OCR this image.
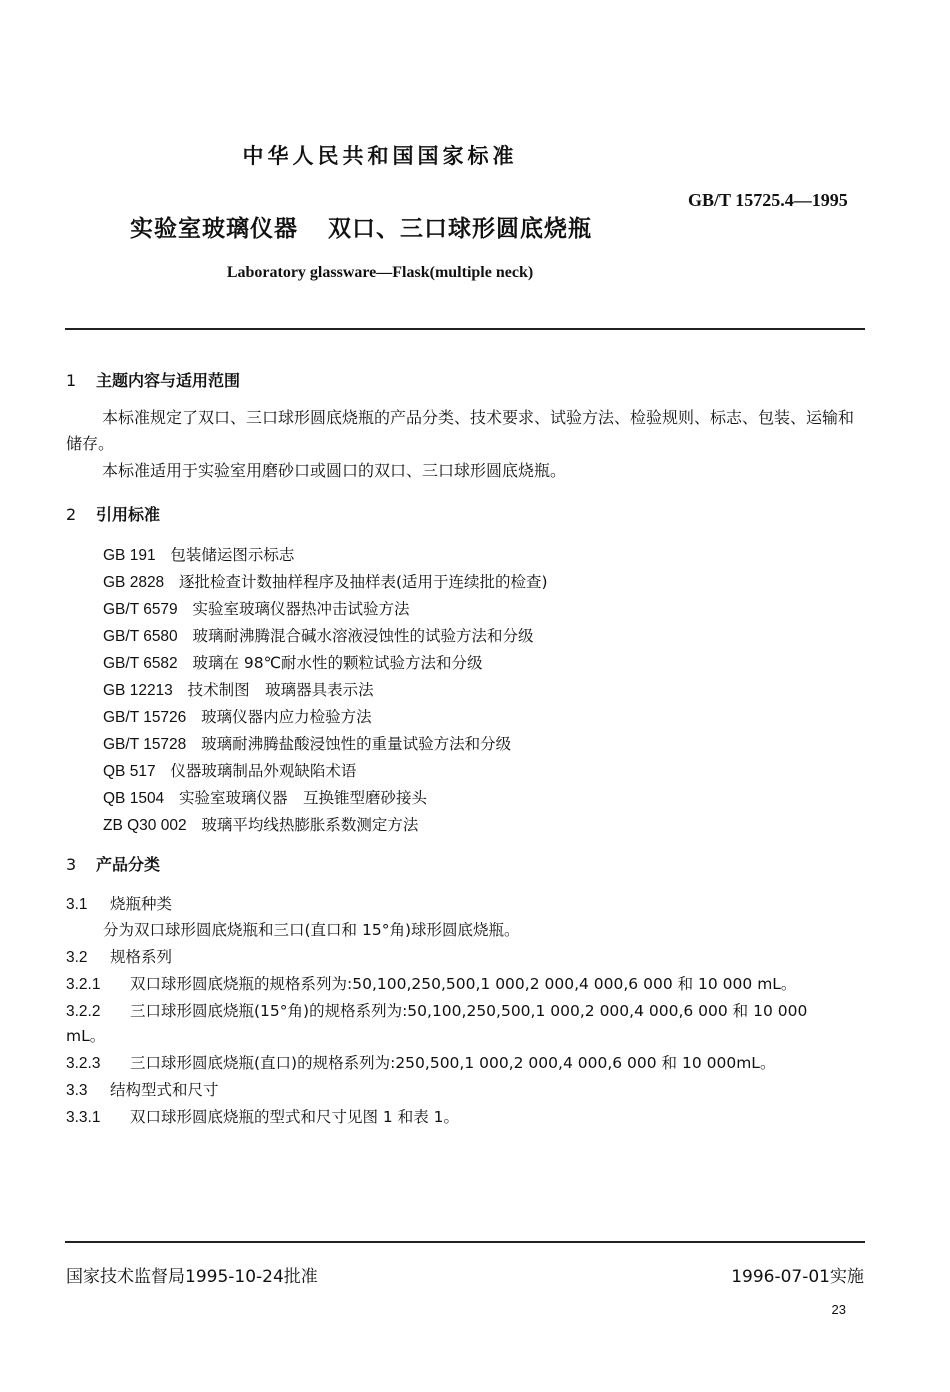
中华人民共和国国家标准
GB/T 15725.4—1995
实验室玻璃仪器 双口、三口球形圆底烧瓶
Laboratory glassware—Flask(multiple neck)
1 主题内容与适用范围
本标准规定了双口、三口球形圆底烧瓶的产品分类、技术要求、试验方法、检验规则、标志、包装、运输和储存。
本标准适用于实验室用磨砂口或圆口的双口、三口球形圆底烧瓶。
2 引用标准
GB 191 包装储运图示标志
GB 2828 逐批检查计数抽样程序及抽样表(适用于连续批的检查)
GB/T 6579 实验室玻璃仪器热冲击试验方法
GB/T 6580 玻璃耐沸腾混合碱水溶液浸蚀性的试验方法和分级
GB/T 6582 玻璃在 98℃耐水性的颗粒试验方法和分级
GB 12213 技术制图　玻璃器具表示法
GB/T 15726 玻璃仪器内应力检验方法
GB/T 15728 玻璃耐沸腾盐酸浸蚀性的重量试验方法和分级
QB 517 仪器玻璃制品外观缺陷术语
QB 1504 实验室玻璃仪器　互换锥型磨砂接头
ZB Q30 002 玻璃平均线热膨胀系数测定方法
3 产品分类
3.1 烧瓶种类
分为双口球形圆底烧瓶和三口(直口和 15°角)球形圆底烧瓶。
3.2 规格系列
3.2.1 双口球形圆底烧瓶的规格系列为:50,100,250,500,1 000,2 000,4 000,6 000 和 10 000 mL。
3.2.2 三口球形圆底烧瓶(15°角)的规格系列为:50,100,250,500,1 000,2 000,4 000,6 000 和 10 000
mL。
3.2.3 三口球形圆底烧瓶(直口)的规格系列为:250,500,1 000,2 000,4 000,6 000 和 10 000mL。
3.3 结构型式和尺寸
3.3.1 双口球形圆底烧瓶的型式和尺寸见图 1 和表 1。
国家技术监督局1995-10-24批准	1996-07-01实施
23
